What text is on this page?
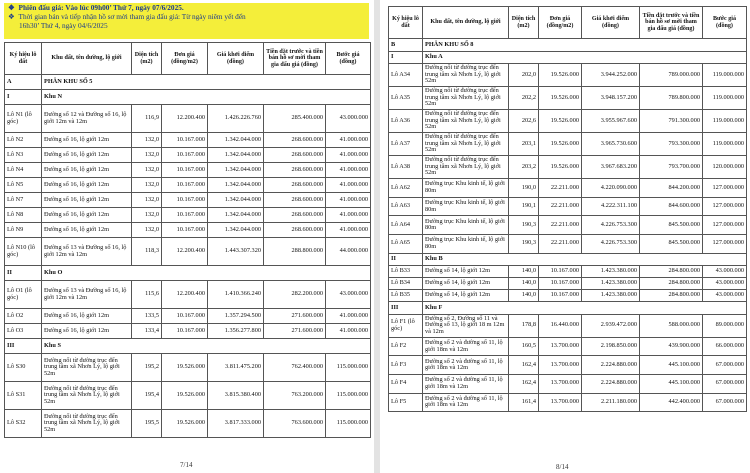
❖ Phiên đấu giá: Vào lúc 09h00’ Thứ 7, ngày 07/6/2025.
❖ Thời gian bán và tiếp nhận hồ sơ mời tham gia đấu giá: Từ ngày niêm yết đến
16h30’ Thứ 4, ngày 04/6/2025
Ký hiệu lô đất	Khu đất, tên đường, lộ giới	Diện tích (m2)	Đơn giá (đồng/m2)	Giá khởi điểm (đồng)	Tiền đặt trước và tiền bán hồ sơ mời tham gia đấu giá (đồng)	Bước giá (đồng)
A	PHÂN KHU SỐ 5					
I	Khu N					
Lô N1 (lô góc)	Đường số 12 và Đường số 16, lộ giới 12m và 12m	116,9	12.200.400	1.426.226.760	285.400.000	43.000.000
Lô N2	Đường số 16, lộ giới 12m	132,0	10.167.000	1.342.044.000	268.600.000	41.000.000
Lô N3	Đường số 16, lộ giới 12m	132,0	10.167.000	1.342.044.000	268.600.000	41.000.000
Lô N4	Đường số 16, lộ giới 12m	132,0	10.167.000	1.342.044.000	268.600.000	41.000.000
Lô N5	Đường số 16, lộ giới 12m	132,0	10.167.000	1.342.044.000	268.600.000	41.000.000
Lô N7	Đường số 16, lộ giới 12m	132,0	10.167.000	1.342.044.000	268.600.000	41.000.000
Lô N8	Đường số 16, lộ giới 12m	132,0	10.167.000	1.342.044.000	268.600.000	41.000.000
Lô N9	Đường số 16, lộ giới 12m	132,0	10.167.000	1.342.044.000	268.600.000	41.000.000
Lô N10 (lô góc)	Đường số 13 và Đường số 16, lộ giới 12m và 12m	118,3	12.200.400	1.443.307.320	288.800.000	44.000.000
II	Khu O					
Lô O1 (lô góc)	Đường số 13 và Đường số 16, lộ giới 12m và 12m	115,6	12.200.400	1.410.366.240	282.200.000	43.000.000
Lô O2	Đường số 16, lộ giới 12m	133,5	10.167.000	1.357.294.500	271.600.000	41.000.000
Lô O3	Đường số 16, lộ giới 12m	133,4	10.167.000	1.356.277.800	271.600.000	41.000.000
III	Khu S					
Lô S30	Đường nối từ đường trục đến trung tâm xã Nhơn Lý, lộ giới 52m	195,2	19.526.000	3.811.475.200	762.400.000	115.000.000
Lô S31	Đường nối từ đường trục đến trung tâm xã Nhơn Lý, lộ giới 52m	195,4	19.526.000	3.815.380.400	763.200.000	115.000.000
Lô S32	Đường nối từ đường trục đến trung tâm xã Nhơn Lý, lộ giới 52m	195,5	19.526.000	3.817.333.000	763.600.000	115.000.000
7/14
Ký hiệu lô đất	Khu đất, tên đường, lộ giới	Diện tích (m2)	Đơn giá (đồng/m2)	Giá khởi điểm (đồng)	Tiền đặt trước và tiền bán hồ sơ mời tham gia đấu giá (đồng)	Bước giá (đồng)
B	PHÂN KHU SỐ 8					
I	Khu A					
Lô A34	Đường nối từ đường trục đến trung tâm xã Nhơn Lý, lộ giới 52m	202,0	19.526.000	3.944.252.000	789.000.000	119.000.000
Lô A35	Đường nối từ đường trục đến trung tâm xã Nhơn Lý, lộ giới 52m	202,2	19.526.000	3.948.157.200	789.800.000	119.000.000
Lô A36	Đường nối từ đường trục đến trung tâm xã Nhơn Lý, lộ giới 52m	202,6	19.526.000	3.955.967.600	791.300.000	119.000.000
Lô A37	Đường nối từ đường trục đến trung tâm xã Nhơn Lý, lộ giới 52m	203,1	19.526.000	3.965.730.600	793.300.000	119.000.000
Lô A38	Đường nối từ đường trục đến trung tâm xã Nhơn Lý, lộ giới 52m	203,2	19.526.000	3.967.683.200	793.700.000	120.000.000
Lô A62	Đường trục Khu kinh tế, lộ giới 80m	190,0	22.211.000	4.220.090.000	844.200.000	127.000.000
Lô A63	Đường trục Khu kinh tế, lộ giới 80m	190,1	22.211.000	4.222.311.100	844.600.000	127.000.000
Lô A64	Đường trục Khu kinh tế, lộ giới 80m	190,3	22.211.000	4.226.753.300	845.500.000	127.000.000
Lô A65	Đường trục Khu kinh tế, lộ giới 80m	190,3	22.211.000	4.226.753.300	845.500.000	127.000.000
II	Khu B					
Lô B33	Đường số 14, lộ giới 12m	140,0	10.167.000	1.423.380.000	284.800.000	43.000.000
Lô B34	Đường số 14, lộ giới 12m	140,0	10.167.000	1.423.380.000	284.800.000	43.000.000
Lô B35	Đường số 14, lộ giới 12m	140,0	10.167.000	1.423.380.000	284.800.000	43.000.000
III	Khu F					
Lô F1 (lô góc)	Đường số 2, Đường số 11 và Đường số 13, lộ giới 18 m 12m và 12m	178,8	16.440.000	2.939.472.000	588.000.000	89.000.000
Lô F2	Đường số 2 và đường số 11, lộ giới 18m và 12m	160,5	13.700.000	2.198.850.000	439.900.000	66.000.000
Lô F3	Đường số 2 và đường số 11, lộ giới 18m và 12m	162,4	13.700.000	2.224.880.000	445.100.000	67.000.000
Lô F4	Đường số 2 và đường số 11, lộ giới 18m và 12m	162,4	13.700.000	2.224.880.000	445.100.000	67.000.000
Lô F5	Đường số 2 và đường số 11, lộ giới 18m và 12m	161,4	13.700.000	2.211.180.000	442.400.000	67.000.000
8/14
